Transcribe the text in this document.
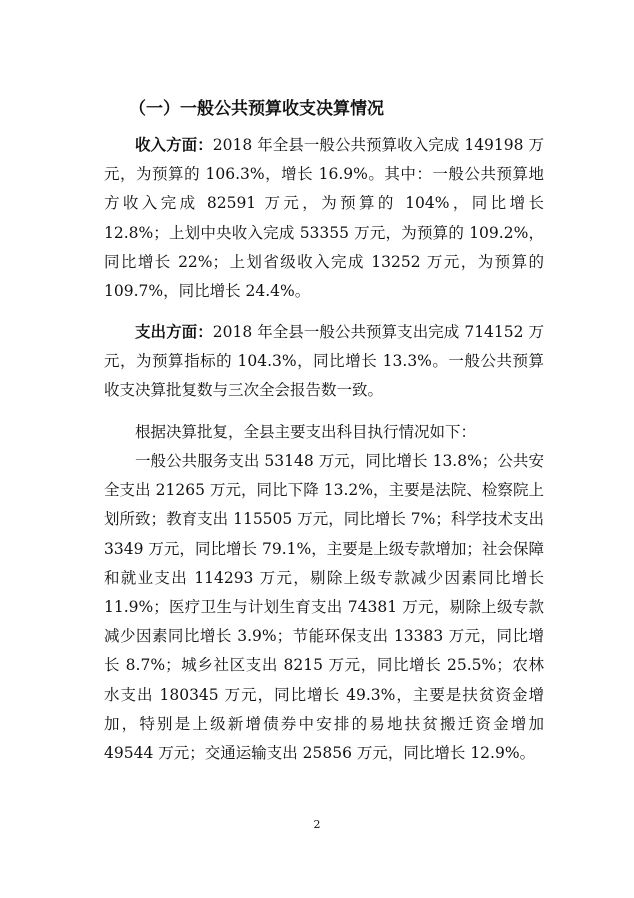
（一）一般公共预算收支决算情况

收入方面：2018 年全县一般公共预算收入完成 149198 万元，为预算的 106.3%，增长 16.9%。其中：一般公共预算地方收入完成 82591 万元，为预算的 104%，同比增长 12.8%；上划中央收入完成 53355 万元，为预算的 109.2%，同比增长 22%；上划省级收入完成 13252 万元，为预算的 109.7%，同比增长 24.4%。

支出方面：2018 年全县一般公共预算支出完成 714152 万元，为预算指标的 104.3%，同比增长 13.3%。一般公共预算收支决算批复数与三次全会报告数一致。

根据决算批复，全县主要支出科目执行情况如下：

一般公共服务支出 53148 万元，同比增长 13.8%；公共安全支出 21265 万元，同比下降 13.2%，主要是法院、检察院上划所致；教育支出 115505 万元，同比增长 7%；科学技术支出 3349 万元，同比增长 79.1%，主要是上级专款增加；社会保障和就业支出 114293 万元，剔除上级专款减少因素同比增长 11.9%；医疗卫生与计划生育支出 74381 万元，剔除上级专款减少因素同比增长 3.9%；节能环保支出 13383 万元，同比增长 8.7%；城乡社区支出 8215 万元，同比增长 25.5%；农林水支出 180345 万元，同比增长 49.3%，主要是扶贫资金增加，特别是上级新增债券中安排的易地扶贫搬迁资金增加 49544 万元；交通运输支出 25856 万元，同比增长 12.9%。

2
